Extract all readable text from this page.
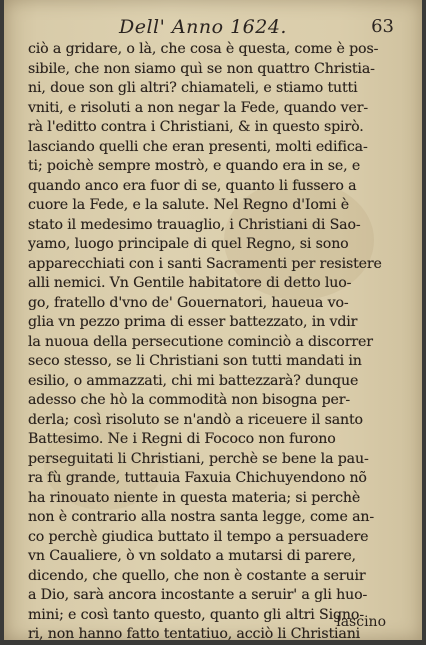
Dell' Anno 1624.	63
ciò a gridare, o là, che cosa è questa, come è pos-
sibile, che non siamo quì se non quattro Christia-
ni, doue son gli altri? chiamateli, e stiamo tutti
vniti, e risoluti a non negar la Fede, quando ver-
rà l'editto contra i Christiani, & in questo spirò.
lasciando quelli che eran presenti, molti edifica-
ti; poichè sempre mostrò, e quando era in se, e
quando anco era fuor di se, quanto li fussero a
cuore la Fede, e la salute. Nel Regno d'Iomi è
stato il medesimo trauaglio, i Christiani di Sao-
yamo, luogo principale di quel Regno, si sono
apparecchiati con i santi Sacramenti per resistere
alli nemici. Vn Gentile habitatore di detto luo-
go, fratello d'vno de' Gouernatori, haueua vo-
glia vn pezzo prima di esser battezzato, in vdir
la nuoua della persecutione cominciò a discorrer
seco stesso, se li Christiani son tutti mandati in
esilio, o ammazzati, chi mi battezzarà? dunque
adesso che hò la commodità non bisogna per-
derla; così risoluto se n'andò a riceuere il santo
Battesimo. Ne i Regni di Fococo non furono
perseguitati li Christiani, perchè se bene la pau-
ra fù grande, tuttauia Faxuia Chichuyendono nõ
ha rinouato niente in questa materia; si perchè
non è contrario alla nostra santa legge, come an-
co perchè giudica buttato il tempo a persuadere
vn Caualiere, ò vn soldato a mutarsi di parere,
dicendo, che quello, che non è costante a seruir
a Dio, sarà ancora incostante a seruir' a gli huo-
mini; e così tanto questo, quanto gli altri Signo-
ri, non hanno fatto tentatiuo, acciò li Christiani
lascino
